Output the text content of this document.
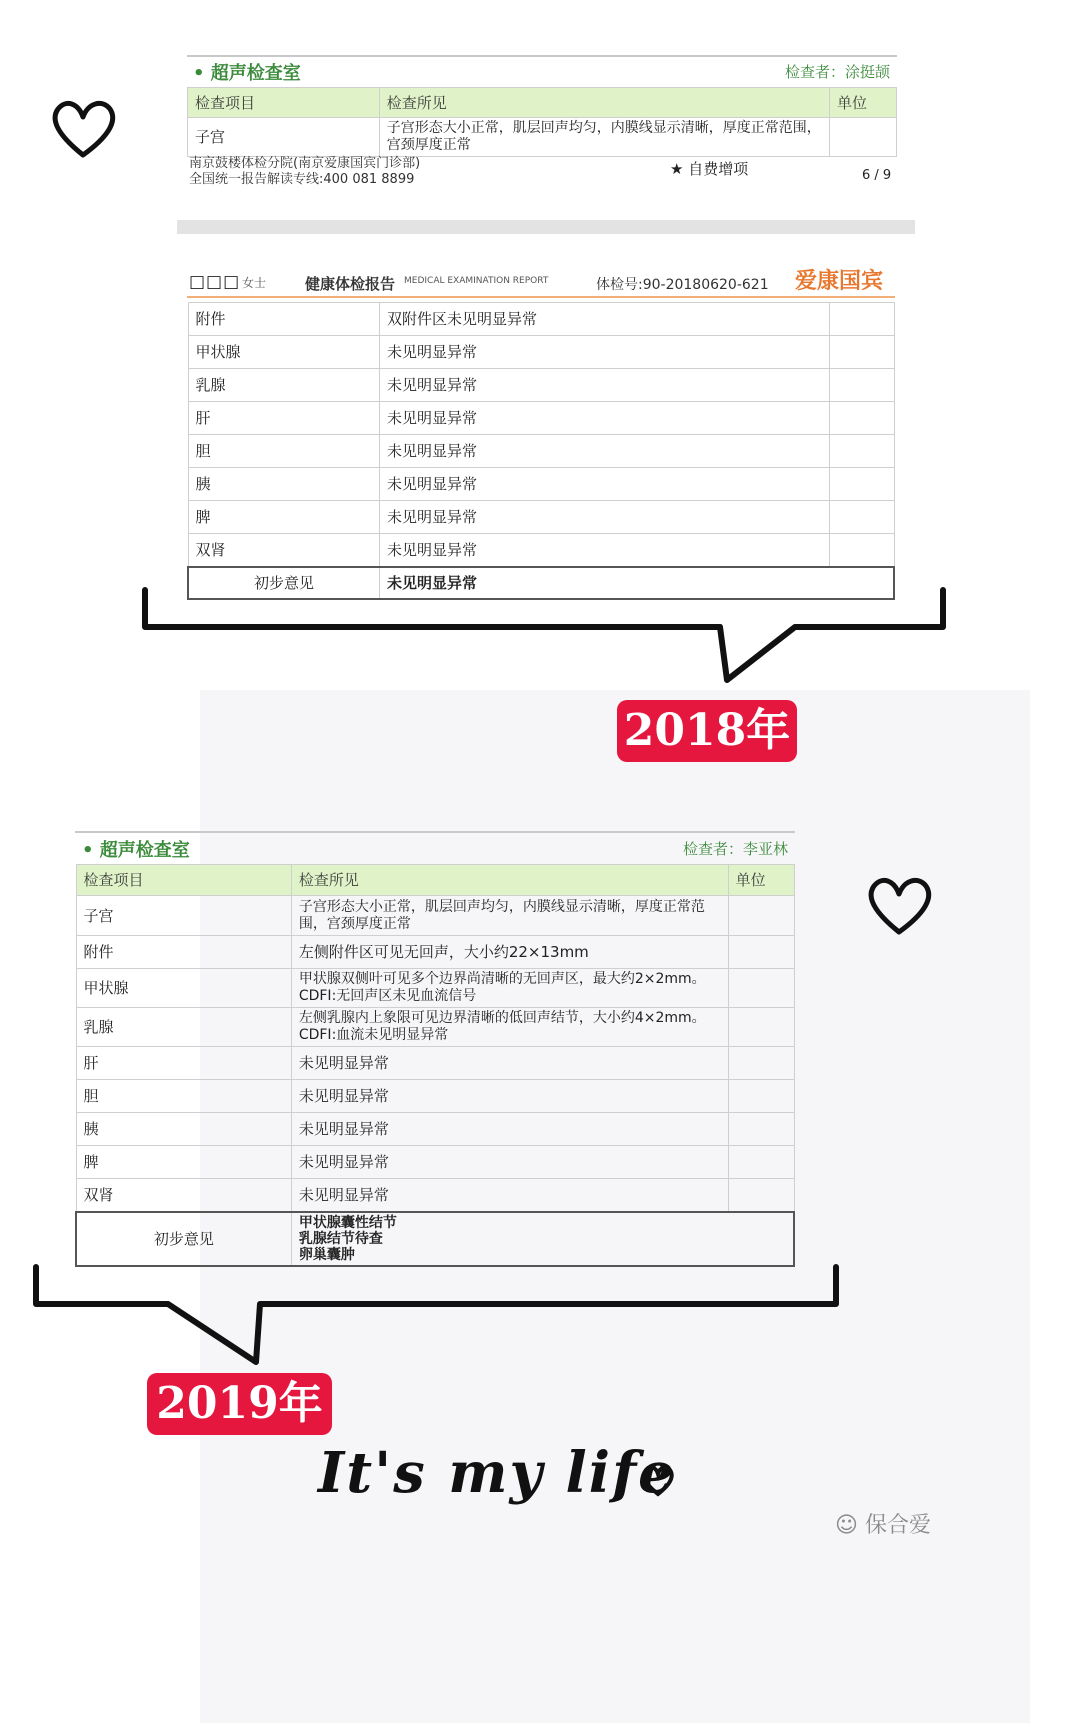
• 超声检查室	检查者：涂挺颉
检查项目	检查所见	单位
子宫	子宫形态大小正常，肌层回声均匀，内膜线显示清晰，厚度正常范围，宫颈厚度正常	
南京鼓楼体检分院(南京爱康国宾门诊部)
全国统一报告解读专线:400 081 8899
★ 自费增项	6 / 9
□□□ 女士	健康体检报告 MEDICAL EXAMINATION REPORT	体检号:90-20180620-621 爱康国宾
附件	双附件区未见明显异常	
甲状腺	未见明显异常	
乳腺	未见明显异常	
肝	未见明显异常	
胆	未见明显异常	
胰	未见明显异常	
脾	未见明显异常	
双肾	未见明显异常	
初步意见	未见明显异常	
2018年
• 超声检查室	检查者：李亚林
检查项目	检查所见	单位
子宫	子宫形态大小正常，肌层回声均匀，内膜线显示清晰，厚度正常范围，宫颈厚度正常	
附件	左侧附件区可见无回声，大小约22×13mm	
甲状腺	甲状腺双侧叶可见多个边界尚清晰的无回声区，最大约2×2mm。CDFI:无回声区未见血流信号	
乳腺	左侧乳腺内上象限可见边界清晰的低回声结节，大小约4×2mm。CDFI:血流未见明显异常	
肝	未见明显异常	
胆	未见明显异常	
胰	未见明显异常	
脾	未见明显异常	
双肾	未见明显异常	
初步意见	甲状腺囊性结节
乳腺结节待查
卵巢囊肿	
2019年
It's my life
☺ 保合爱
